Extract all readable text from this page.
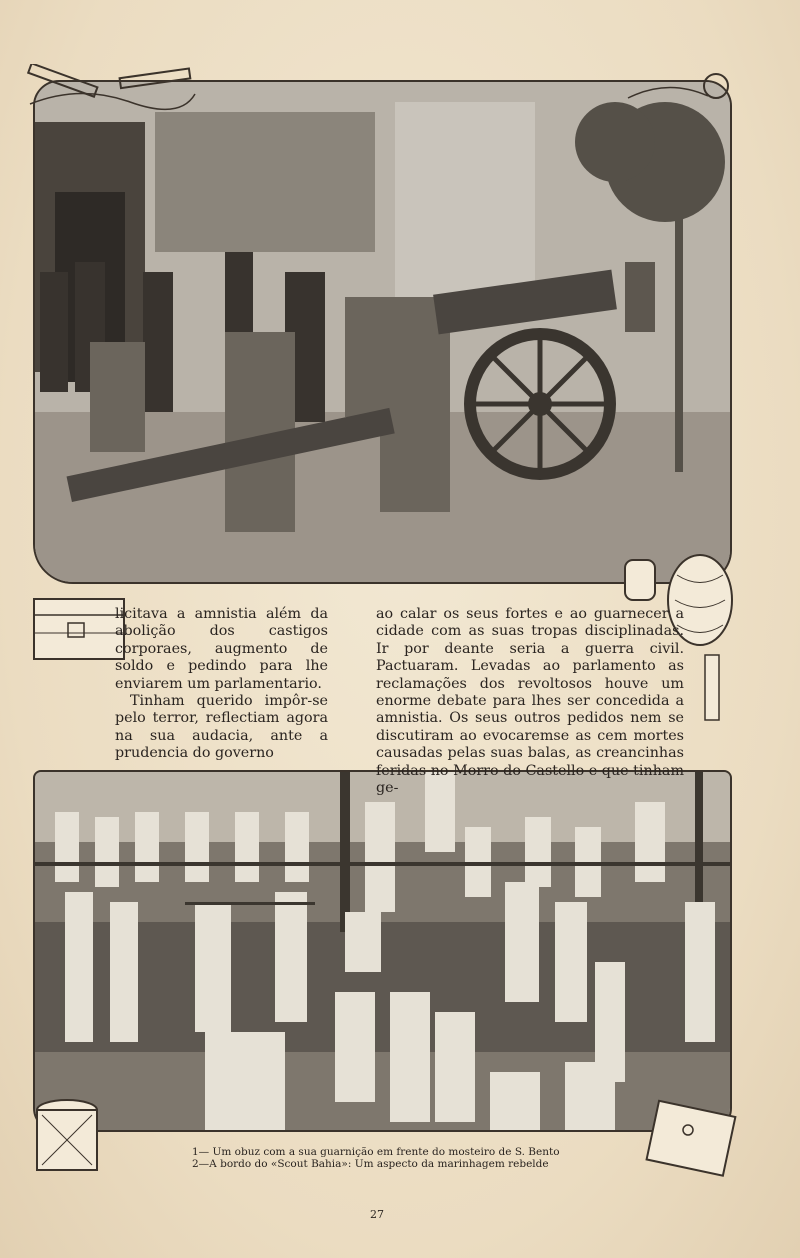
licitava a amnistia além da abolição dos castigos corporaes, augmento de soldo e pedindo para lhe enviarem um parlamentario.

Tinham querido impôr-se pelo terror, reflectiam agora na sua audacia, ante a prudencia do governo

ao calar os seus fortes e ao guarnecer a cidade com as suas tropas disciplinadas. Ir por deante seria a guerra civil. Pactuaram. Levadas ao parlamento as reclamações dos revoltosos houve um enorme debate para lhes ser concedida a amnistia. Os seus outros pedidos nem se discutiram ao evocaremse as cem mortes causadas pelas suas balas, as creancinhas feridas no Morro do Castello e que tinham ge-

1— Um obuz com a sua guarnição em frente do mosteiro de S. Bento
2—A bordo do «Scout Bahia»: Um aspecto da marinhagem rebelde
27
